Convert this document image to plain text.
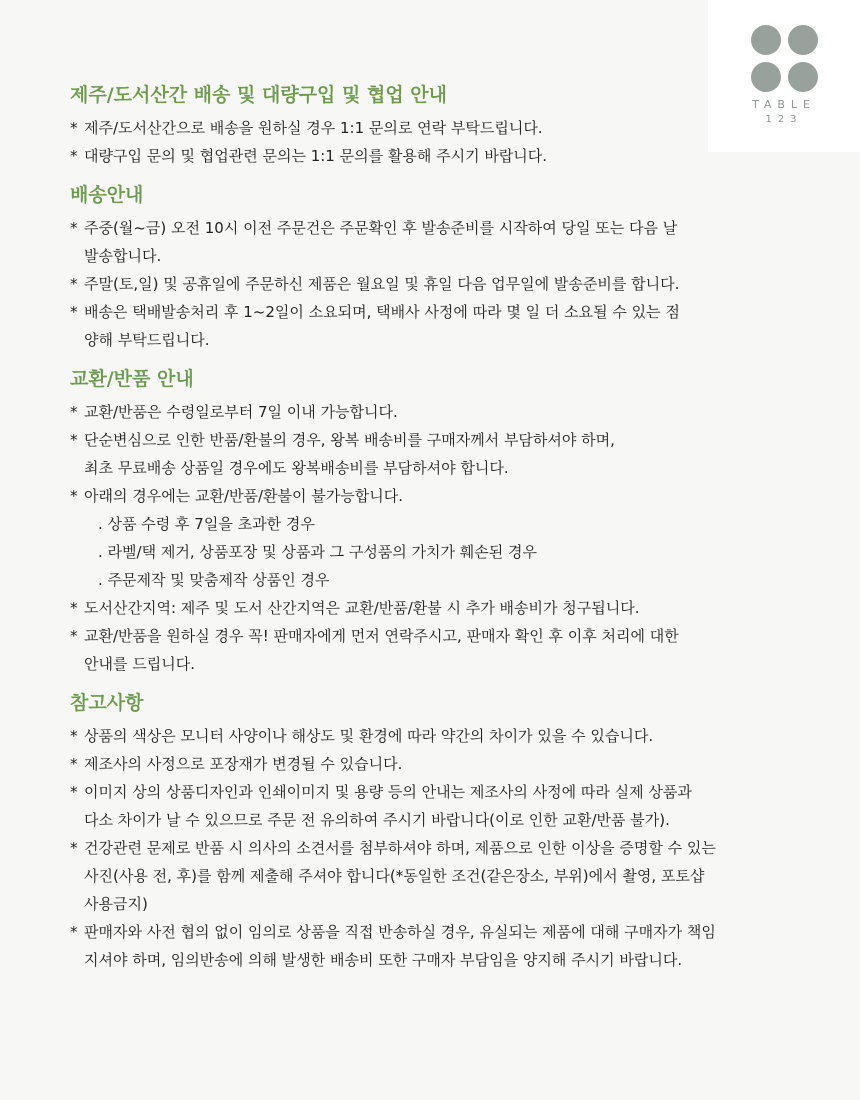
TABLE
123
제주/도서산간 배송 및 대량구입 및 협업 안내
* 제주/도서산간으로 배송을 원하실 경우 1:1 문의로 연락 부탁드립니다.
* 대량구입 문의 및 협업관련 문의는 1:1 문의를 활용해 주시기 바랍니다.
배송안내
* 주중(월~금) 오전 10시 이전 주문건은 주문확인 후 발송준비를 시작하여 당일 또는 다음 날
발송합니다.
* 주말(토,일) 및 공휴일에 주문하신 제품은 월요일 및 휴일 다음 업무일에 발송준비를 합니다.
* 배송은 택배발송처리 후 1~2일이 소요되며, 택배사 사정에 따라 몇 일 더 소요될 수 있는 점
양해 부탁드립니다.
교환/반품 안내
* 교환/반품은 수령일로부터 7일 이내 가능합니다.
* 단순변심으로 인한 반품/환불의 경우, 왕복 배송비를 구매자께서 부담하셔야 하며,
최초 무료배송 상품일 경우에도 왕복배송비를 부담하셔야 합니다.
* 아래의 경우에는 교환/반품/환불이 불가능합니다.
. 상품 수령 후 7일을 초과한 경우
. 라벨/택 제거, 상품포장 및 상품과 그 구성품의 가치가 훼손된 경우
. 주문제작 및 맞춤제작 상품인 경우
* 도서산간지역: 제주 및 도서 산간지역은 교환/반품/환불 시 추가 배송비가 청구됩니다.
* 교환/반품을 원하실 경우 꼭! 판매자에게 먼저 연락주시고, 판매자 확인 후 이후 처리에 대한
안내를 드립니다.
참고사항
* 상품의 색상은 모니터 사양이나 해상도 및 환경에 따라 약간의 차이가 있을 수 있습니다.
* 제조사의 사정으로 포장재가 변경될 수 있습니다.
* 이미지 상의 상품디자인과 인쇄이미지 및 용량 등의 안내는 제조사의 사정에 따라 실제 상품과
다소 차이가 날 수 있으므로 주문 전 유의하여 주시기 바랍니다(이로 인한 교환/반품 불가).
* 건강관련 문제로 반품 시 의사의 소견서를 첨부하셔야 하며, 제품으로 인한 이상을 증명할 수 있는
사진(사용 전, 후)를 함께 제출해 주셔야 합니다(*동일한 조건(같은장소, 부위)에서 촬영, 포토샵
사용금지)
* 판매자와 사전 협의 없이 임의로 상품을 직접 반송하실 경우, 유실되는 제품에 대해 구매자가 책임
지셔야 하며, 임의반송에 의해 발생한 배송비 또한 구매자 부담임을 양지해 주시기 바랍니다.
